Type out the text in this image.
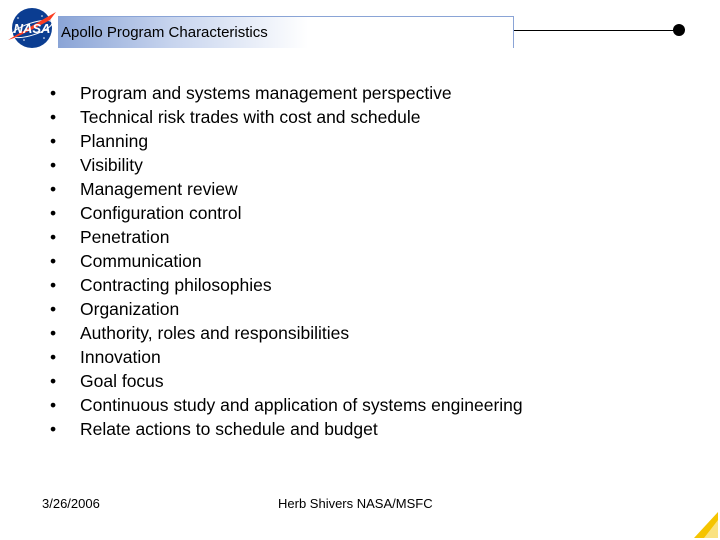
NASA Apollo Program Characteristics
•	Program and systems management perspective
•	Technical risk trades with cost and schedule
•	Planning
•	Visibility
•	Management review
•	Configuration control
•	Penetration
•	Communication
•	Contracting philosophies
•	Organization
•	Authority, roles and responsibilities
•	Innovation
•	Goal focus
•	Continuous study and application of systems engineering
•	Relate actions to schedule and budget
3/26/2006	Herb Shivers NASA/MSFC
